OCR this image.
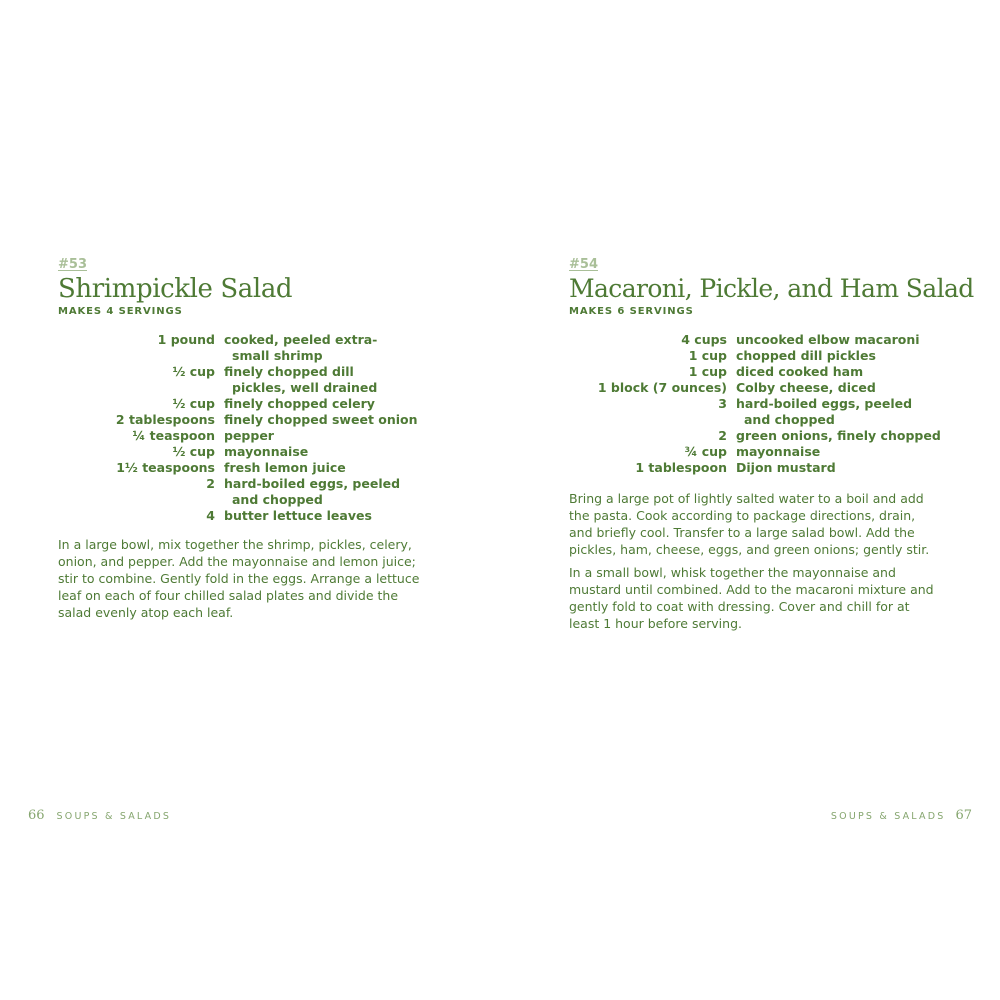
#53
Shrimpickle Salad
MAKES 4 SERVINGS
1 pound cooked, peeled extra-
small shrimp
½ cup finely chopped dill
pickles, well drained
½ cup finely chopped celery
2 tablespoons finely chopped sweet onion
¼ teaspoon pepper
½ cup mayonnaise
1½ teaspoons fresh lemon juice
2 hard-boiled eggs, peeled
and chopped
4 butter lettuce leaves
In a large bowl, mix together the shrimp, pickles, celery, onion, and pepper. Add the mayonnaise and lemon juice; stir to combine. Gently fold in the eggs. Arrange a lettuce leaf on each of four chilled salad plates and divide the salad evenly atop each leaf.
66 SOUPS & SALADS
#54
Macaroni, Pickle, and Ham Salad
MAKES 6 SERVINGS
Bring a large pot of lightly salted water to a boil and add the pasta. Cook according to package directions, drain, and briefly cool. Transfer to a large salad bowl. Add the pickles, ham, cheese, eggs, and green onions; gently stir.
In a small bowl, whisk together the mayonnaise and mustard until combined. Add to the macaroni mixture and gently fold to coat with dressing. Cover and chill for at least 1 hour before serving.
SOUPS & SALADS 67
4 cups uncooked elbow macaroni
1 cup chopped dill pickles
1 cup diced cooked ham
1 block (7 ounces) Colby cheese, diced
3 hard-boiled eggs, peeled
and chopped
2 green onions, finely chopped
¾ cup mayonnaise
1 tablespoon Dijon mustard
